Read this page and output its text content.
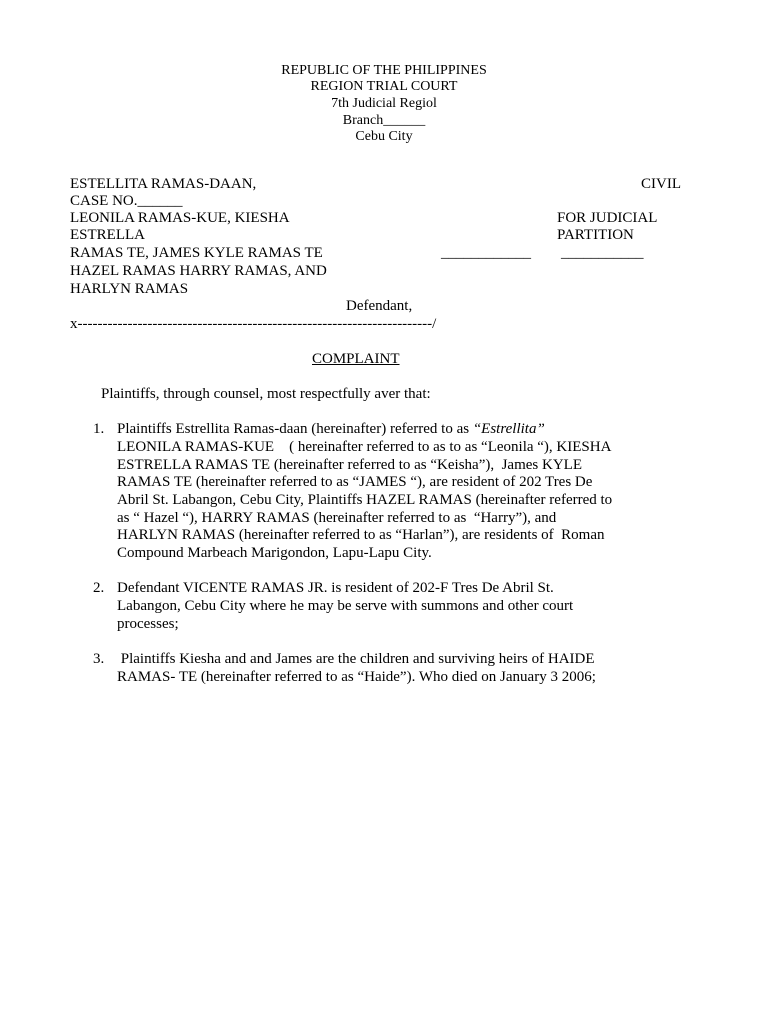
REPUBLIC OF THE PHILIPPINES
REGION TRIAL COURT
7th Judicial Regiol
Branch______
Cebu City
ESTELLITA RAMAS-DAAN,	CIVIL
CASE NO.______
LEONILA RAMAS-KUE, KIESHA	FOR JUDICIAL
ESTRELLA	PARTITION
RAMAS TE, JAMES KYLE RAMAS TE	____________ ___________
HAZEL RAMAS HARRY RAMAS, AND
HARLYN RAMAS
Defendant,
x-----------------------------------------------------------------------/
COMPLAINT
Plaintiffs, through counsel, most respectfully aver that:
1. Plaintiffs Estrellita Ramas-daan (hereinafter) referred to as “Estrellita”
LEONILA RAMAS-KUE    ( hereinafter referred to as to as “Leonila “), KIESHA
ESTRELLA RAMAS TE (hereinafter referred to as “Keisha”),  James KYLE
RAMAS TE (hereinafter referred to as “JAMES “), are resident of 202 Tres De
Abril St. Labangon, Cebu City, Plaintiffs HAZEL RAMAS (hereinafter referred to
as “ Hazel “), HARRY RAMAS (hereinafter referred to as  “Harry”), and
HARLYN RAMAS (hereinafter referred to as “Harlan”), are residents of  Roman
Compound Marbeach Marigondon, Lapu-Lapu City.
2. Defendant VICENTE RAMAS JR. is resident of 202-F Tres De Abril St.
Labangon, Cebu City where he may be serve with summons and other court
processes;
3. Plaintiffs Kiesha and and James are the children and surviving heirs of HAIDE
RAMAS- TE (hereinafter referred to as “Haide”). Who died on January 3 2006;
